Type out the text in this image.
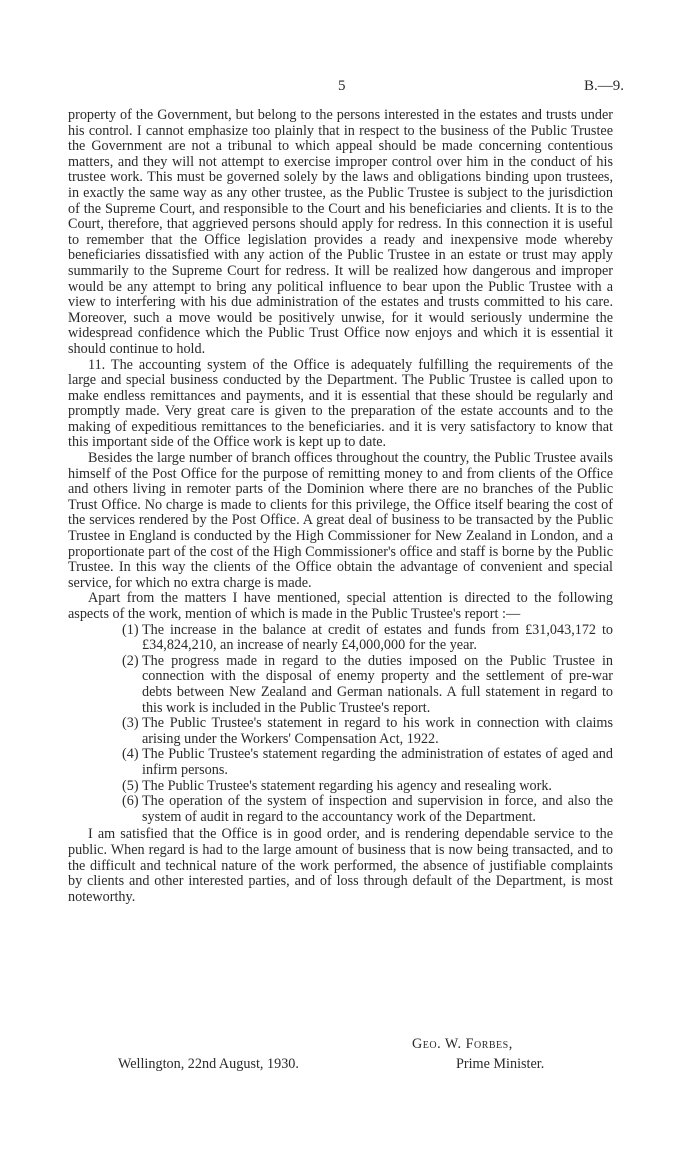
5	B.—9.

property of the Government, but belong to the persons interested in the estates and trusts under his control. I cannot emphasize too plainly that in respect to the business of the Public Trustee the Government are not a tribunal to which appeal should be made concerning contentious matters, and they will not attempt to exercise improper control over him in the conduct of his trustee work. This must be governed solely by the laws and obligations binding upon trustees, in exactly the same way as any other trustee, as the Public Trustee is subject to the jurisdiction of the Supreme Court, and responsible to the Court and his beneficiaries and clients. It is to the Court, therefore, that aggrieved persons should apply for redress. In this connection it is useful to remember that the Office legislation provides a ready and inexpensive mode whereby beneficiaries dissatisfied with any action of the Public Trustee in an estate or trust may apply summarily to the Supreme Court for redress. It will be realized how dangerous and improper would be any attempt to bring any political influence to bear upon the Public Trustee with a view to interfering with his due administration of the estates and trusts committed to his care. Moreover, such a move would be positively unwise, for it would seriously undermine the widespread confidence which the Public Trust Office now enjoys and which it is essential it should continue to hold.

11. The accounting system of the Office is adequately fulfilling the requirements of the large and special business conducted by the Department. The Public Trustee is called upon to make endless remittances and payments, and it is essential that these should be regularly and promptly made. Very great care is given to the preparation of the estate accounts and to the making of expeditious remittances to the beneficiaries. and it is very satisfactory to know that this important side of the Office work is kept up to date.

Besides the large number of branch offices throughout the country, the Public Trustee avails himself of the Post Office for the purpose of remitting money to and from clients of the Office and others living in remoter parts of the Dominion where there are no branches of the Public Trust Office. No charge is made to clients for this privilege, the Office itself bearing the cost of the services rendered by the Post Office. A great deal of business to be transacted by the Public Trustee in England is conducted by the High Commissioner for New Zealand in London, and a proportionate part of the cost of the High Commissioner's office and staff is borne by the Public Trustee. In this way the clients of the Office obtain the advantage of convenient and special service, for which no extra charge is made.

Apart from the matters I have mentioned, special attention is directed to the following aspects of the work, mention of which is made in the Public Trustee's report :—

(1) The increase in the balance at credit of estates and funds from £31,043,172 to £34,824,210, an increase of nearly £4,000,000 for the year.
(2) The progress made in regard to the duties imposed on the Public Trustee in connection with the disposal of enemy property and the settlement of pre-war debts between New Zealand and German nationals. A full statement in regard to this work is included in the Public Trustee's report.
(3) The Public Trustee's statement in regard to his work in connection with claims arising under the Workers' Compensation Act, 1922.
(4) The Public Trustee's statement regarding the administration of estates of aged and infirm persons.
(5) The Public Trustee's statement regarding his agency and resealing work.
(6) The operation of the system of inspection and supervision in force, and also the system of audit in regard to the accountancy work of the Department.

I am satisfied that the Office is in good order, and is rendering dependable service to the public. When regard is had to the large amount of business that is now being transacted, and to the difficult and technical nature of the work performed, the absence of justifiable complaints by clients and other interested parties, and of loss through default of the Department, is most noteworthy.

Geo. W. Forbes,
Wellington, 22nd August, 1930.	Prime Minister.
